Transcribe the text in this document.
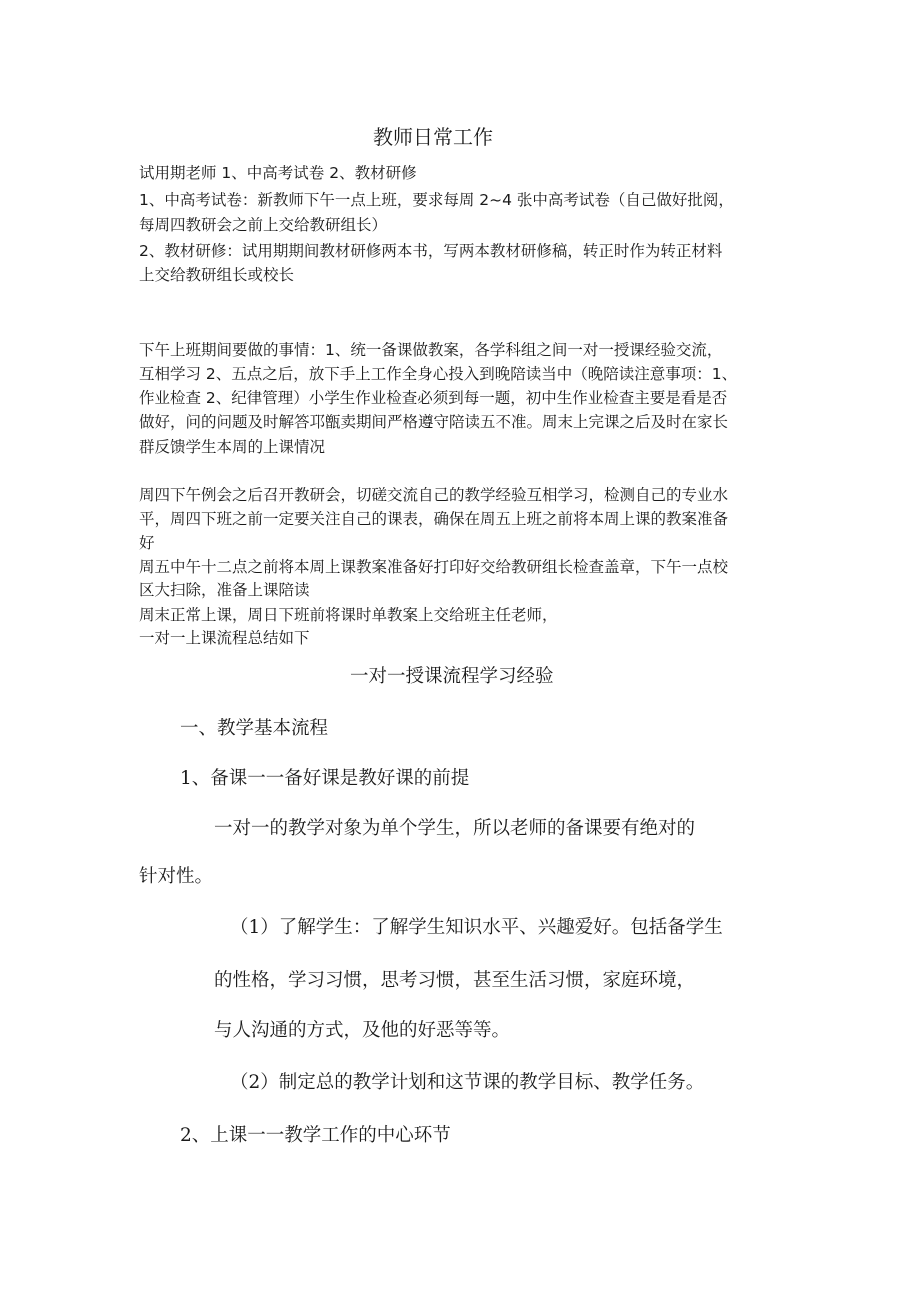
教师日常工作
试用期老师 1、中高考试卷 2、教材研修
1、中高考试卷：新教师下午一点上班，要求每周 2~4 张中高考试卷（自己做好批阅，
每周四教研会之前上交给教研组长）
2、教材研修：试用期期间教材研修两本书，写两本教材研修稿，转正时作为转正材料
上交给教研组长或校长
下午上班期间要做的事情：1、统一备课做教案，各学科组之间一对一授课经验交流，
互相学习 2、五点之后，放下手上工作全身心投入到晚陪读当中（晚陪读注意事项：1、
作业检查 2、纪律管理）小学生作业检查必须到每一题，初中生作业检查主要是看是否
做好，问的问题及时解答邛甑卖期间严格遵守陪读五不准。周末上完课之后及时在家长
群反馈学生本周的上课情况
周四下午例会之后召开教研会，切磋交流自己的教学经验互相学习，检测自己的专业水
平，周四下班之前一定要关注自己的课表，确保在周五上班之前将本周上课的教案准备
好
周五中午十二点之前将本周上课教案准备好打印好交给教研组长检查盖章，下午一点校
区大扫除，准备上课陪读
周末正常上课，周日下班前将课时单教案上交给班主任老师，
一对一上课流程总结如下
一对一授课流程学习经验
一、教学基本流程
1、备课一一备好课是教好课的前提
一对一的教学对象为单个学生，所以老师的备课要有绝对的
针对性。
（1）了解学生：了解学生知识水平、兴趣爱好。包括备学生
的性格，学习习惯，思考习惯，甚至生活习惯，家庭环境，
与人沟通的方式，及他的好恶等等。
（2）制定总的教学计划和这节课的教学目标、教学任务。
2、上课一一教学工作的中心环节
